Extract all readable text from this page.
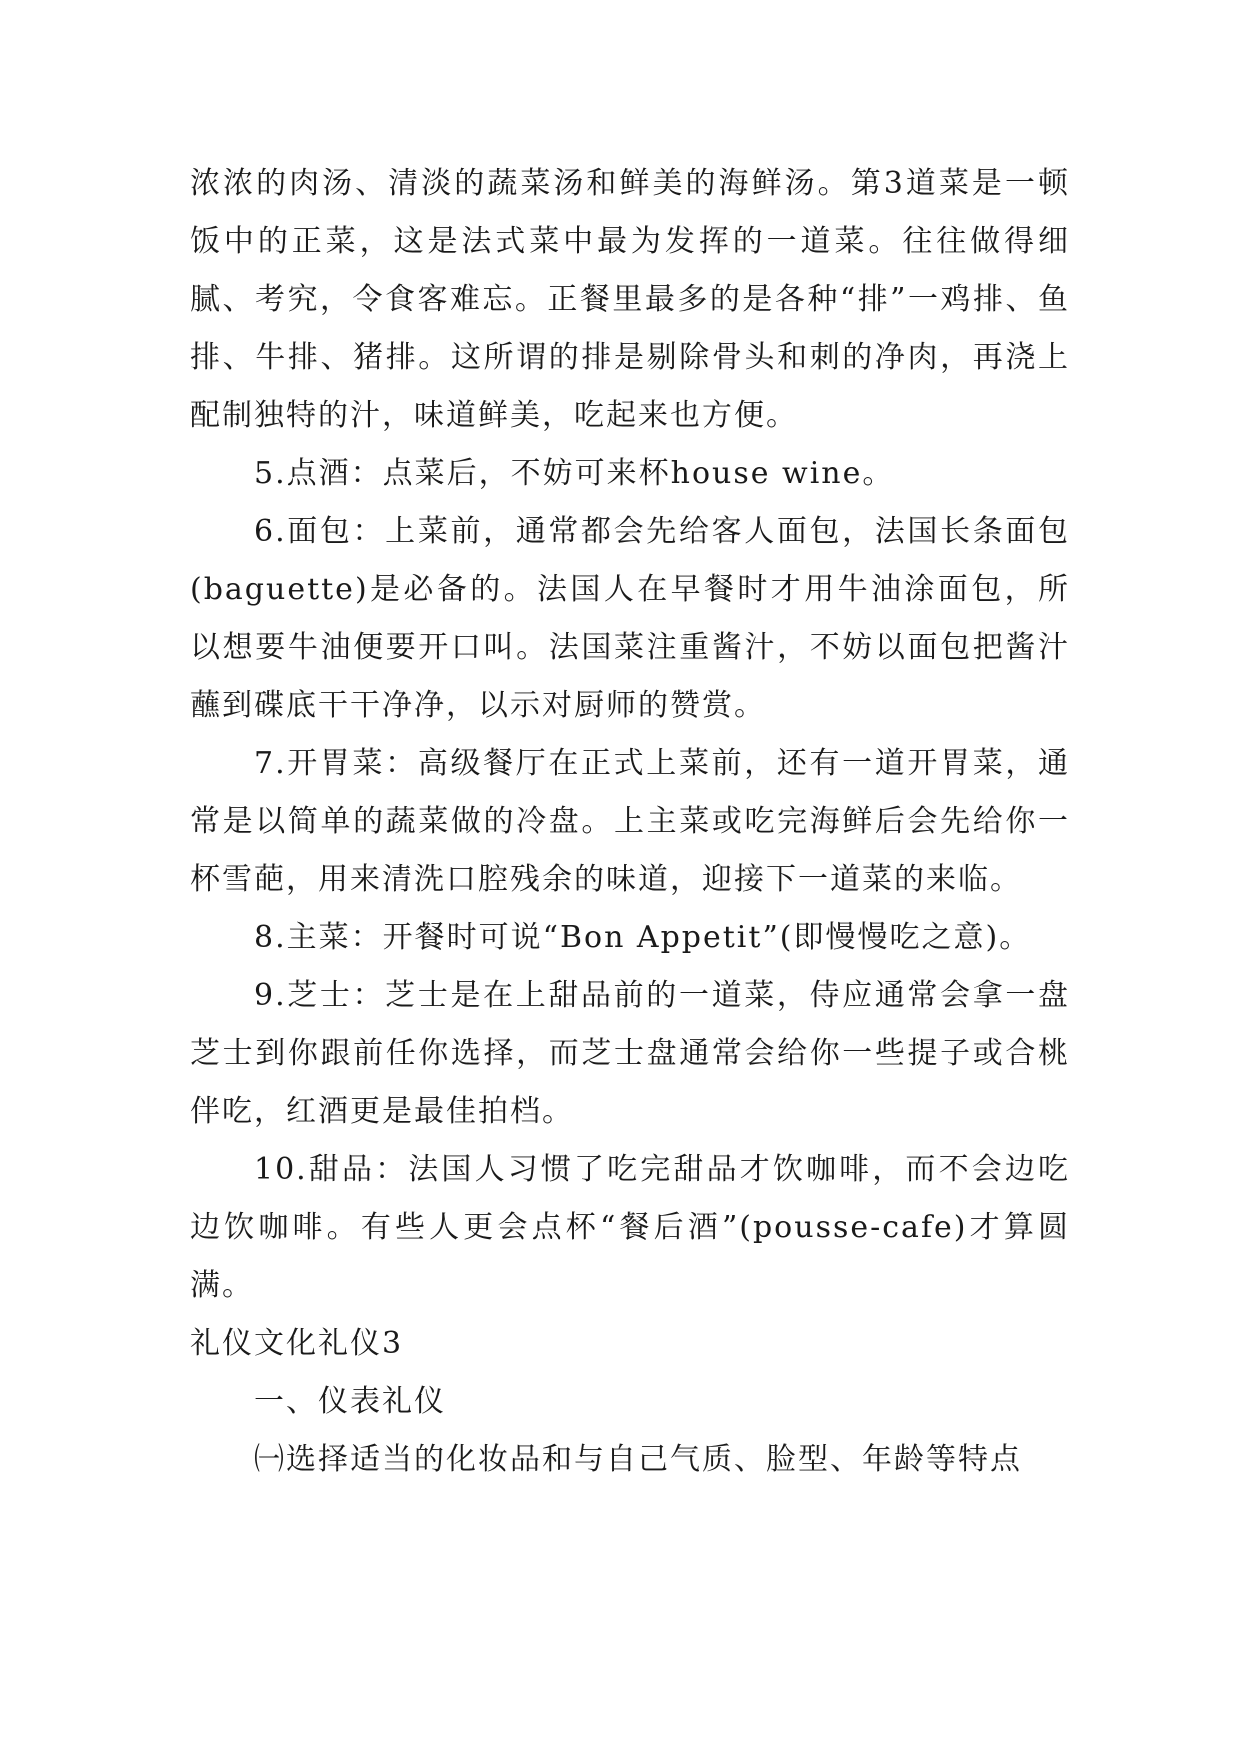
浓浓的肉汤、清淡的蔬菜汤和鲜美的海鲜汤。第3道菜是一顿饭中的正菜，这是法式菜中最为发挥的一道菜。往往做得细腻、考究，令食客难忘。正餐里最多的是各种“排”一鸡排、鱼排、牛排、猪排。这所谓的排是剔除骨头和刺的净肉，再浇上配制独特的汁，味道鲜美，吃起来也方便。

5.点酒：点菜后，不妨可来杯house wine。

6.面包：上菜前，通常都会先给客人面包，法国长条面包(baguette)是必备的。法国人在早餐时才用牛油涂面包，所以想要牛油便要开口叫。法国菜注重酱汁，不妨以面包把酱汁蘸到碟底干干净净，以示对厨师的赞赏。

7.开胃菜：高级餐厅在正式上菜前，还有一道开胃菜，通常是以简单的蔬菜做的冷盘。上主菜或吃完海鲜后会先给你一杯雪葩，用来清洗口腔残余的味道，迎接下一道菜的来临。

8.主菜：开餐时可说“Bon Appetit”(即慢慢吃之意)。

9.芝士：芝士是在上甜品前的一道菜，侍应通常会拿一盘芝士到你跟前任你选择，而芝士盘通常会给你一些提子或合桃伴吃，红酒更是最佳拍档。

10.甜品：法国人习惯了吃完甜品才饮咖啡，而不会边吃边饮咖啡。有些人更会点杯“餐后酒”(pousse-cafe)才算圆满。

礼仪文化礼仪3

一、仪表礼仪

㈠选择适当的化妆品和与自己气质、脸型、年龄等特点
